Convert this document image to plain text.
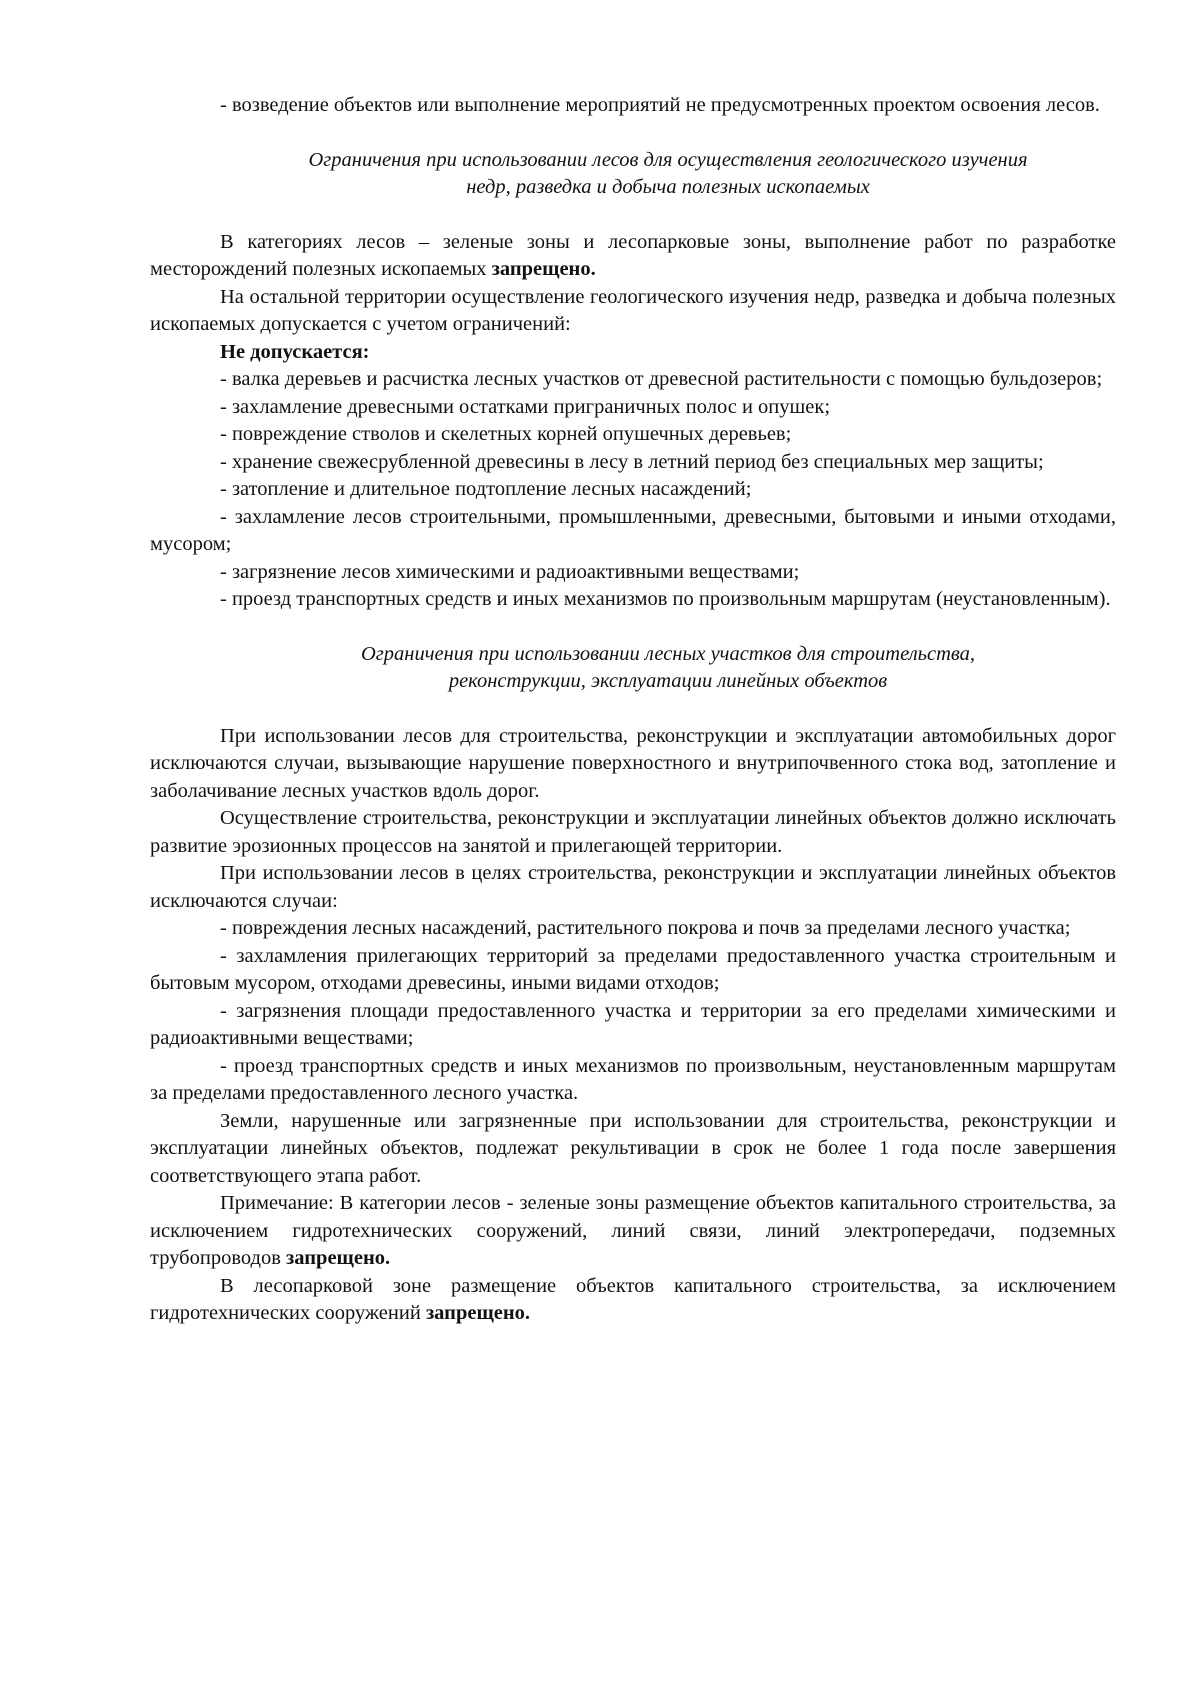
- возведение объектов или выполнение мероприятий не предусмотренных проектом освоения лесов.

Ограничения при использовании лесов для осуществления геологического изучения
недр, разведка и добыча полезных ископаемых

В категориях лесов – зеленые зоны и лесопарковые зоны, выполнение работ по разработке месторождений полезных ископаемых запрещено.

На остальной территории осуществление геологического изучения недр, разведка и добыча полезных ископаемых допускается с учетом ограничений:

Не допускается:

- валка деревьев и расчистка лесных участков от древесной растительности с помощью бульдозеров;

- захламление древесными остатками приграничных полос и опушек;

- повреждение стволов и скелетных корней опушечных деревьев;

- хранение свежесрубленной древесины в лесу в летний период без специальных мер защиты;

- затопление и длительное подтопление лесных насаждений;

- захламление лесов строительными, промышленными, древесными, бытовыми и иными отходами, мусором;

- загрязнение лесов химическими и радиоактивными веществами;

- проезд транспортных средств и иных механизмов по произвольным маршрутам (неустановленным).

Ограничения при использовании лесных участков для строительства,
реконструкции, эксплуатации линейных объектов

При использовании лесов для строительства, реконструкции и эксплуатации автомобильных дорог исключаются случаи, вызывающие нарушение поверхностного и внутрипочвенного стока вод, затопление и заболачивание лесных участков вдоль дорог.

Осуществление строительства, реконструкции и эксплуатации линейных объектов должно исключать развитие эрозионных процессов на занятой и прилегающей территории.

При использовании лесов в целях строительства, реконструкции и эксплуатации линейных объектов исключаются случаи:

- повреждения лесных насаждений, растительного покрова и почв за пределами лесного участка;

- захламления прилегающих территорий за пределами предоставленного участка строительным и бытовым мусором, отходами древесины, иными видами отходов;

- загрязнения площади предоставленного участка и территории за его пределами химическими и радиоактивными веществами;

- проезд транспортных средств и иных механизмов по произвольным, неустановленным маршрутам за пределами предоставленного лесного участка.

Земли, нарушенные или загрязненные при использовании для строительства, реконструкции и эксплуатации линейных объектов, подлежат рекультивации в срок не более 1 года после завершения соответствующего этапа работ.

Примечание: В категории лесов - зеленые зоны размещение объектов капитального строительства, за исключением гидротехнических сооружений, линий связи, линий электропередачи, подземных трубопроводов запрещено.

В лесопарковой зоне размещение объектов капитального строительства, за исключением гидротехнических сооружений запрещено.
